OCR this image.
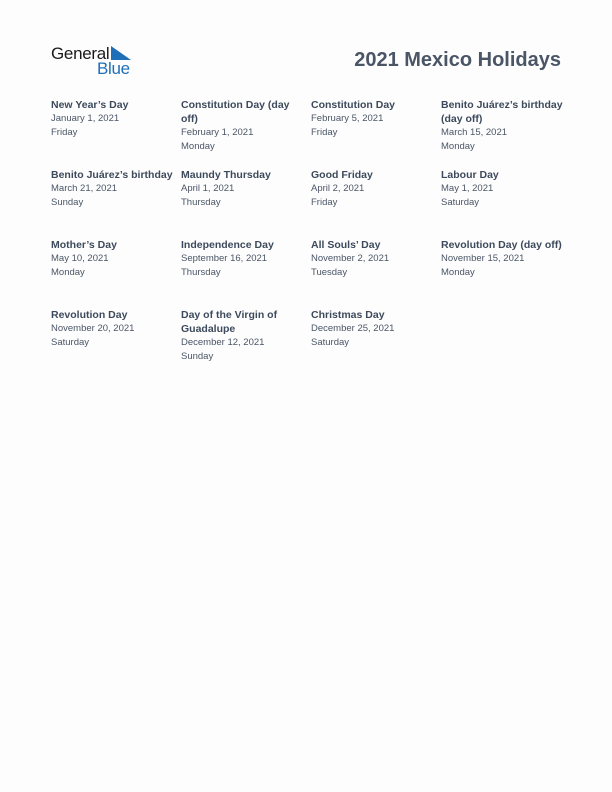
General
Blue	2021 Mexico Holidays
New Year’s Day
January 1, 2021
Friday
Constitution Day (day off)
February 1, 2021
Monday
Constitution Day
February 5, 2021
Friday
Benito Juárez’s birthday (day off)
March 15, 2021
Monday
Benito Juárez’s birthday
March 21, 2021
Sunday
Maundy Thursday
April 1, 2021
Thursday
Good Friday
April 2, 2021
Friday
Labour Day
May 1, 2021
Saturday
Mother’s Day
May 10, 2021
Monday
Independence Day
September 16, 2021
Thursday
All Souls’ Day
November 2, 2021
Tuesday
Revolution Day (day off)
November 15, 2021
Monday
Revolution Day
November 20, 2021
Saturday
Day of the Virgin of Guadalupe
December 12, 2021
Sunday
Christmas Day
December 25, 2021
Saturday
